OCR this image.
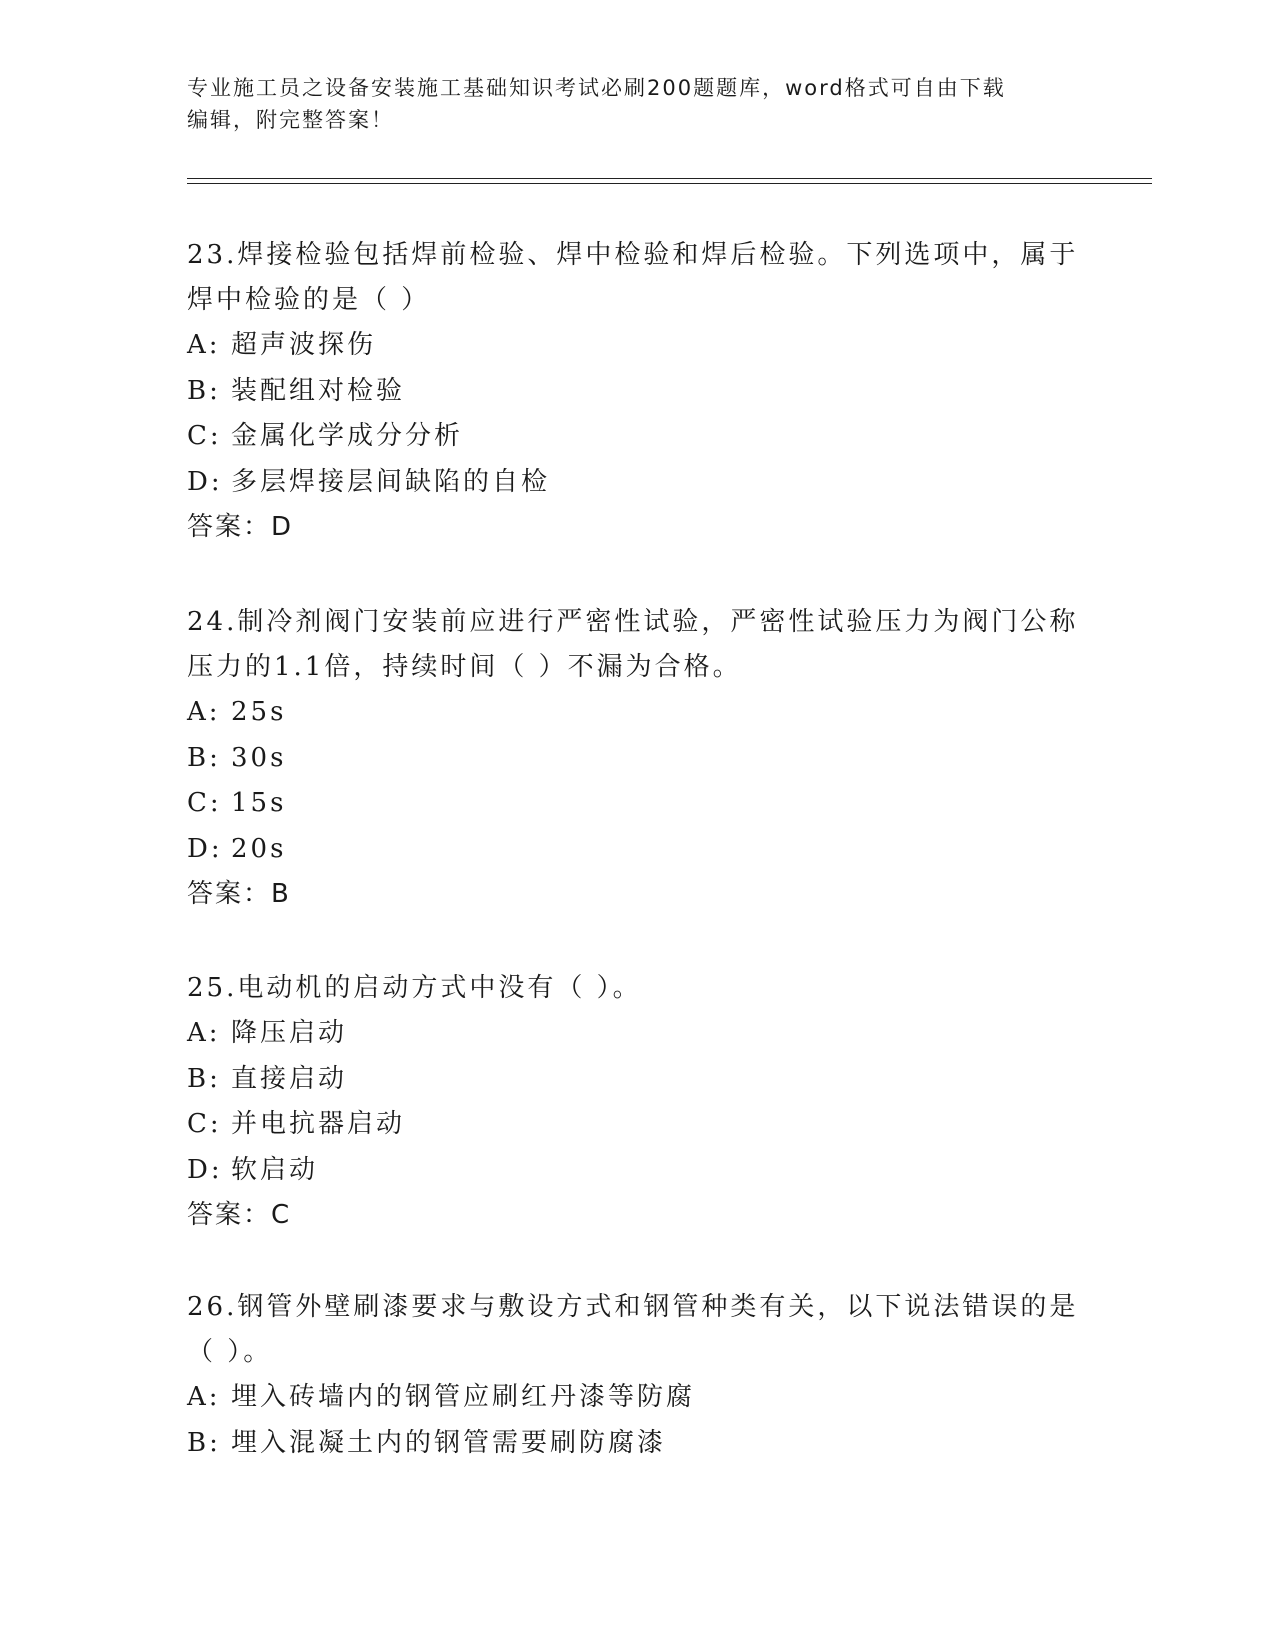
专业施工员之设备安装施工基础知识考试必刷200题题库，word格式可自由下载
编辑，附完整答案！
23.焊接检验包括焊前检验、焊中检验和焊后检验。下列选项中，属于
焊中检验的是（ ）
A: 超声波探伤
B: 装配组对检验
C: 金属化学成分分析
D: 多层焊接层间缺陷的自检
答案：D
24.制冷剂阀门安装前应进行严密性试验，严密性试验压力为阀门公称
压力的1.1倍，持续时间（ ）不漏为合格。
A: 25s
B: 30s
C: 15s
D: 20s
答案：B
25.电动机的启动方式中没有（ ）。
A: 降压启动
B: 直接启动
C: 并电抗器启动
D: 软启动
答案：C
26.钢管外壁刷漆要求与敷设方式和钢管种类有关，以下说法错误的是
（ ）。
A: 埋入砖墙内的钢管应刷红丹漆等防腐
B: 埋入混凝土内的钢管需要刷防腐漆
